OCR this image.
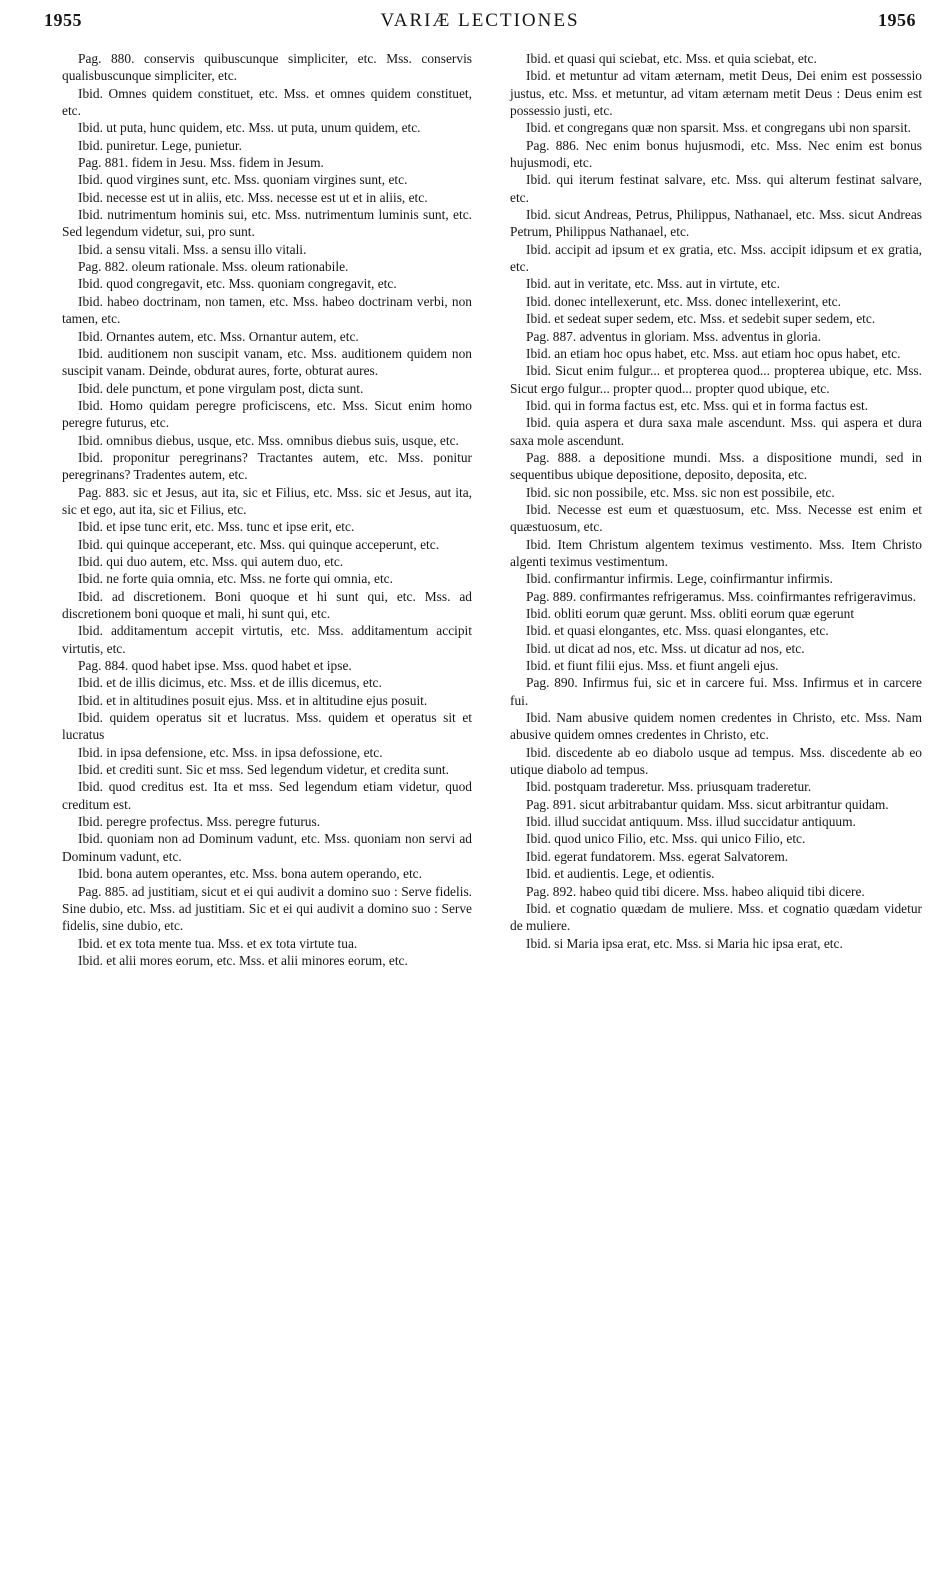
1955	VARIÆ LECTIONES	1956

Pag. 880. conservis quibuscunque simpliciter, etc. Mss. conservis qualisbuscunque simpliciter, etc.

Ibid. Omnes quidem constituet, etc. Mss. et omnes quidem constituet, etc.

Ibid. ut puta, hunc quidem, etc. Mss. ut puta, unum quidem, etc.

Ibid. puniretur. Lege, punietur.

Pag. 881. fidem in Jesu. Mss. fidem in Jesum.

Ibid. quod virgines sunt, etc. Mss. quoniam virgines sunt, etc.

Ibid. necesse est ut in aliis, etc. Mss. necesse est ut et in aliis, etc.

Ibid. nutrimentum hominis sui, etc. Mss. nutrimentum luminis sunt, etc. Sed legendum videtur, sui, pro sunt.

Ibid. a sensu vitali. Mss. a sensu illo vitali.

Pag. 882. oleum rationale. Mss. oleum rationabile.

Ibid. quod congregavit, etc. Mss. quoniam congregavit, etc.

Ibid. habeo doctrinam, non tamen, etc. Mss. habeo doctrinam verbi, non tamen, etc.

Ibid. Ornantes autem, etc. Mss. Ornantur autem, etc.

Ibid. auditionem non suscipit vanam, etc. Mss. auditionem quidem non suscipit vanam. Deinde, obdurat aures, forte, obturat aures.

Ibid. dele punctum, et pone virgulam post, dicta sunt.

Ibid. Homo quidam peregre proficiscens, etc. Mss. Sicut enim homo peregre futurus, etc.

Ibid. omnibus diebus, usque, etc. Mss. omnibus diebus suis, usque, etc.

Ibid. proponitur peregrinans? Tractantes autem, etc. Mss. ponitur peregrinans? Tradentes autem, etc.

Pag. 883. sic et Jesus, aut ita, sic et Filius, etc. Mss. sic et Jesus, aut ita, sic et ego, aut ita, sic et Filius, etc.

Ibid. et ipse tunc erit, etc. Mss. tunc et ipse erit, etc.

Ibid. qui quinque acceperant, etc. Mss. qui quinque acceperunt, etc.

Ibid. qui duo autem, etc. Mss. qui autem duo, etc.

Ibid. ne forte quia omnia, etc. Mss. ne forte qui omnia, etc.

Ibid. ad discretionem. Boni quoque et hi sunt qui, etc. Mss. ad discretionem boni quoque et mali, hi sunt qui, etc.

Ibid. additamentum accepit virtutis, etc. Mss. additamentum accipit virtutis, etc.

Pag. 884. quod habet ipse. Mss. quod habet et ipse.

Ibid. et de illis dicimus, etc. Mss. et de illis dicemus, etc.

Ibid. et in altitudines posuit ejus. Mss. et in altitudine ejus posuit.

Ibid. quidem operatus sit et lucratus. Mss. quidem et operatus sit et lucratus

Ibid. in ipsa defensione, etc. Mss. in ipsa defossione, etc.

Ibid. et crediti sunt. Sic et mss. Sed legendum videtur, et credita sunt.

Ibid. quod creditus est. Ita et mss. Sed legendum etiam videtur, quod creditum est.

Ibid. peregre profectus. Mss. peregre futurus.

Ibid. quoniam non ad Dominum vadunt, etc. Mss. quoniam non servi ad Dominum vadunt, etc.

Ibid. bona autem operantes, etc. Mss. bona autem operando, etc.

Pag. 885. ad justitiam, sicut et ei qui audivit a domino suo : Serve fidelis. Sine dubio, etc. Mss. ad justitiam. Sic et ei qui audivit a domino suo : Serve fidelis, sine dubio, etc.

Ibid. et ex tota mente tua. Mss. et ex tota virtute tua.

Ibid. et alii mores eorum, etc. Mss. et alii minores eorum, etc.

Ibid. et quasi qui sciebat, etc. Mss. et quia sciebat, etc.

Ibid. et metuntur ad vitam æternam, metit Deus, Dei enim est possessio justus, etc. Mss. et metuntur, ad vitam æternam metit Deus : Deus enim est possessio justi, etc.

Ibid. et congregans quæ non sparsit. Mss. et congregans ubi non sparsit.

Pag. 886. Nec enim bonus hujusmodi, etc. Mss. Nec enim est bonus hujusmodi, etc.

Ibid. qui iterum festinat salvare, etc. Mss. qui alterum festinat salvare, etc.

Ibid. sicut Andreas, Petrus, Philippus, Nathanael, etc. Mss. sicut Andreas Petrum, Philippus Nathanael, etc.

Ibid. accipit ad ipsum et ex gratia, etc. Mss. accipit idipsum et ex gratia, etc.

Ibid. aut in veritate, etc. Mss. aut in virtute, etc.

Ibid. donec intellexerunt, etc. Mss. donec intellexerint, etc.

Ibid. et sedeat super sedem, etc. Mss. et sedebit super sedem, etc.

Pag. 887. adventus in gloriam. Mss. adventus in gloria.

Ibid. an etiam hoc opus habet, etc. Mss. aut etiam hoc opus habet, etc.

Ibid. Sicut enim fulgur... et propterea quod... propterea ubique, etc. Mss. Sicut ergo fulgur... propter quod... propter quod ubique, etc.

Ibid. qui in forma factus est, etc. Mss. qui et in forma factus est.

Ibid. quia aspera et dura saxa male ascendunt. Mss. qui aspera et dura saxa mole ascendunt.

Pag. 888. a depositione mundi. Mss. a dispositione mundi, sed in sequentibus ubique depositione, deposito, deposita, etc.

Ibid. sic non possibile, etc. Mss. sic non est possibile, etc.

Ibid. Necesse est eum et quæstuosum, etc. Mss. Necesse est enim et quæstuosum, etc.

Ibid. Item Christum algentem teximus vestimento. Mss. Item Christo algenti teximus vestimentum.

Ibid. confirmantur infirmis. Lege, coinfirmantur infirmis.

Pag. 889. confirmantes refrigeramus. Mss. coinfirmantes refrigeravimus.

Ibid. obliti eorum quæ gerunt. Mss. obliti eorum quæ egerunt

Ibid. et quasi elongantes, etc. Mss. quasi elongantes, etc.

Ibid. ut dicat ad nos, etc. Mss. ut dicatur ad nos, etc.

Ibid. et fiunt filii ejus. Mss. et fiunt angeli ejus.

Pag. 890. Infirmus fui, sic et in carcere fui. Mss. Infirmus et in carcere fui.

Ibid. Nam abusive quidem nomen credentes in Christo, etc. Mss. Nam abusive quidem omnes credentes in Christo, etc.

Ibid. discedente ab eo diabolo usque ad tempus. Mss. discedente ab eo utique diabolo ad tempus.

Ibid. postquam traderetur. Mss. priusquam traderetur.

Pag. 891. sicut arbitrabantur quidam. Mss. sicut arbitrantur quidam.

Ibid. illud succidat antiquum. Mss. illud succidatur antiquum.

Ibid. quod unico Filio, etc. Mss. qui unico Filio, etc.

Ibid. egerat fundatorem. Mss. egerat Salvatorem.

Ibid. et audientis. Lege, et odientis.

Pag. 892. habeo quid tibi dicere. Mss. habeo aliquid tibi dicere.

Ibid. et cognatio quædam de muliere. Mss. et cognatio quædam videtur de muliere.

Ibid. si Maria ipsa erat, etc. Mss. si Maria hic ipsa erat, etc.
